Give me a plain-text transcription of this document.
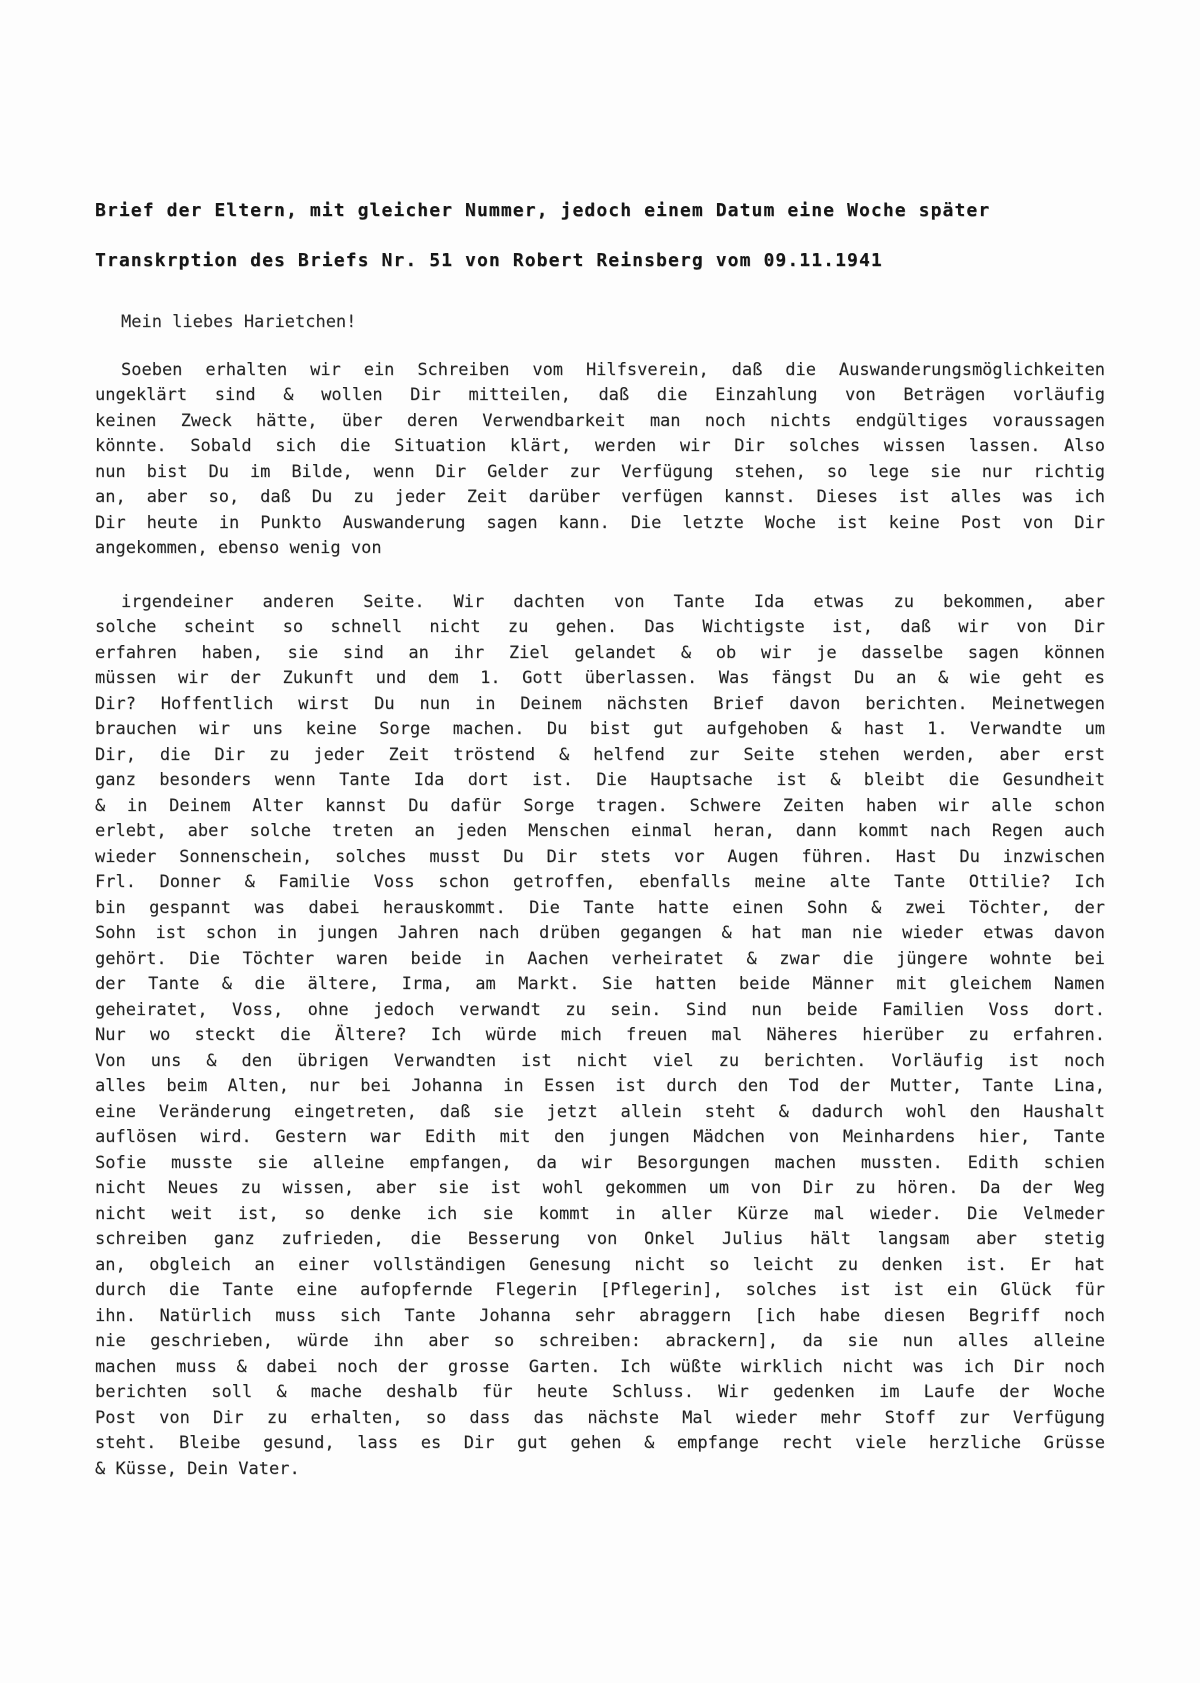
Brief der Eltern, mit gleicher Nummer, jedoch einem Datum eine Woche später
Transkrption des Briefs Nr. 51 von Robert Reinsberg vom 09.11.1941
Mein liebes Harietchen!
Soeben erhalten wir ein Schreiben vom Hilfsverein, daß die Auswanderungsmöglichkeiten
ungeklärt sind & wollen Dir mitteilen, daß die Einzahlung von Beträgen vorläufig
keinen Zweck hätte, über deren Verwendbarkeit man noch nichts endgültiges voraussagen
könnte. Sobald sich die Situation klärt, werden wir Dir solches wissen lassen. Also
nun bist Du im Bilde, wenn Dir Gelder zur Verfügung stehen, so lege sie nur richtig
an, aber so, daß Du zu jeder Zeit darüber verfügen kannst. Dieses ist alles was ich
Dir heute in Punkto Auswanderung sagen kann. Die letzte Woche ist keine Post von Dir
angekommen, ebenso wenig von
irgendeiner anderen Seite. Wir dachten von Tante Ida etwas zu bekommen, aber
solche scheint so schnell nicht zu gehen. Das Wichtigste ist, daß wir von Dir
erfahren haben, sie sind an ihr Ziel gelandet & ob wir je dasselbe sagen können
müssen wir der Zukunft und dem 1. Gott überlassen. Was fängst Du an & wie geht es
Dir? Hoffentlich wirst Du nun in Deinem nächsten Brief davon berichten. Meinetwegen
brauchen wir uns keine Sorge machen. Du bist gut aufgehoben & hast 1. Verwandte um
Dir, die Dir zu jeder Zeit tröstend & helfend zur Seite stehen werden, aber erst
ganz besonders wenn Tante Ida dort ist. Die Hauptsache ist & bleibt die Gesundheit
& in Deinem Alter kannst Du dafür Sorge tragen. Schwere Zeiten haben wir alle schon
erlebt, aber solche treten an jeden Menschen einmal heran, dann kommt nach Regen auch
wieder Sonnenschein, solches musst Du Dir stets vor Augen führen. Hast Du inzwischen
Frl. Donner & Familie Voss schon getroffen, ebenfalls meine alte Tante Ottilie? Ich
bin gespannt was dabei herauskommt. Die Tante hatte einen Sohn & zwei Töchter, der
Sohn ist schon in jungen Jahren nach drüben gegangen & hat man nie wieder etwas davon
gehört. Die Töchter waren beide in Aachen verheiratet & zwar die jüngere wohnte bei
der Tante & die ältere, Irma, am Markt. Sie hatten beide Männer mit gleichem Namen
geheiratet, Voss, ohne jedoch verwandt zu sein. Sind nun beide Familien Voss dort.
Nur wo steckt die Ältere? Ich würde mich freuen mal Näheres hierüber zu erfahren.
Von uns & den übrigen Verwandten ist nicht viel zu berichten. Vorläufig ist noch
alles beim Alten, nur bei Johanna in Essen ist durch den Tod der Mutter, Tante Lina,
eine Veränderung eingetreten, daß sie jetzt allein steht & dadurch wohl den Haushalt
auflösen wird. Gestern war Edith mit den jungen Mädchen von Meinhardens hier, Tante
Sofie musste sie alleine empfangen, da wir Besorgungen machen mussten. Edith schien
nicht Neues zu wissen, aber sie ist wohl gekommen um von Dir zu hören. Da der Weg
nicht weit ist, so denke ich sie kommt in aller Kürze mal wieder. Die Velmeder
schreiben ganz zufrieden, die Besserung von Onkel Julius hält langsam aber stetig
an, obgleich an einer vollständigen Genesung nicht so leicht zu denken ist. Er hat
durch die Tante eine aufopfernde Flegerin [Pflegerin], solches ist ist ein Glück für
ihn. Natürlich muss sich Tante Johanna sehr abraggern [ich habe diesen Begriff noch
nie geschrieben, würde ihn aber so schreiben: abrackern], da sie nun alles alleine
machen muss & dabei noch der grosse Garten. Ich wüßte wirklich nicht was ich Dir noch
berichten soll & mache deshalb für heute Schluss. Wir gedenken im Laufe der Woche
Post von Dir zu erhalten, so dass das nächste Mal wieder mehr Stoff zur Verfügung
steht. Bleibe gesund, lass es Dir gut gehen & empfange recht viele herzliche Grüsse
& Küsse, Dein Vater.
